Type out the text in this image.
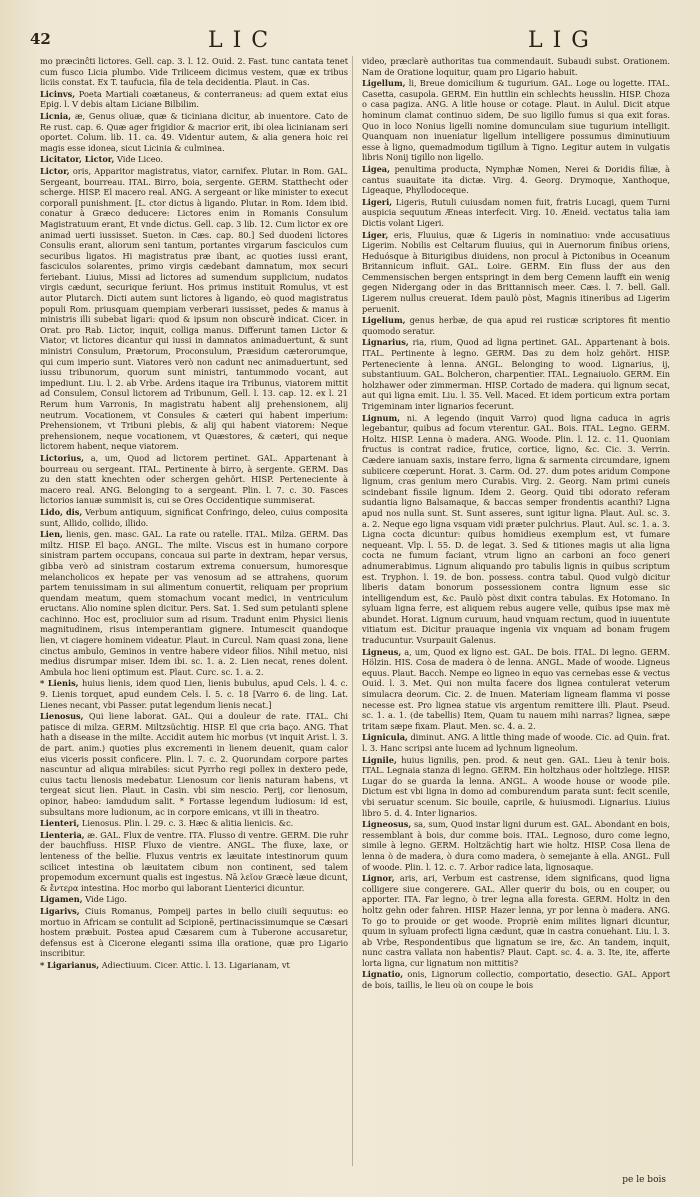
42	LIC	LIG

mo præcinĉti lictores. Gell. cap. 3. l. 12. Ouid. 2. Fast. tunc cantata tenet cum fusco Licia plumbo. Vide Triliceem dicimus vestem, quæ ex tribus liciis constat. Ex T. taufucia, fila de tela decidentia. Plaut. in Cas.

Licinvs, Poeta Martiali coætaneus, & conterraneus: ad quem extat eius Epig. l. V debis altam Liciane Bilbilim.

Licnia, æ, Genus oliuæ, quæ & ticiniana dicitur, ab inuentore. Cato de Re rust. cap. 6. Quæ ager frigidior & macrior erit, ibi olea licinianam seri oportet. Colum. lib. 11. ca. 49. Videntur autem, & alia genera hoic rei magis esse idonea, sicut Licinia & culminea.

Licitator, Lictor, Vide Liceo.

Lictor, oris, Apparitor magistratus, viator, carnifex. Plutar. in Rom. GAL. Sergeant, bourreau. ITAL. Birro, boia, sergente. GERM. Statthecht oder scherge. HISP. El macero real. ANG. A sergeant or like minister to execut corporall punishment. [L. ctor dictus à ligando. Plutar. in Rom. Idem ibid. conatur à Græco deducere: Lictores enim in Romanis Consulum Magistratuum erant, Et vnde dictus. Gell. cap. 3 lib. 12. Cum lictor ex ore animad uerti iussisset. Sueton. in Cæs. cap. 80.] Sed duodeni lictores Consulis erant, aliorum seni tantum, portantes virgarum fasciculos cum securibus ligatos. Hi magistratus præ ibant, ac quoties iussi erant, fasciculos solarentes, primo virgis cædebant damnatum, mox securi feriebant. Liuius, Missi ad lictores ad sumendum supplicium, nudatos virgis cædunt, securique feriunt. Hos primus instituit Romulus, vt est autor Plutarch. Dicti autem sunt lictores à ligando, eò quod magistratus populi Rom. priusquam quempiam verberari iussisset, pedes & manus à ministris illi subebat ligari: quod & ipsum non obscurè indicat. Cicer. in Orat. pro Rab. Lictor, inquit, colliga manus. Differunt tamen Lictor & Viator, vt lictores dicantur qui iussi in damnatos animaduertunt, & sunt ministri Consulum, Prætorum, Proconsulum, Præsidum cæterorumque, qui cum imperio sunt. Viatores verò non cadunt nec animaduertunt, sed iussu tribunorum, quorum sunt ministri, tantummodo vocant, aut impediunt. Liu. l. 2. ab Vrbe. Ardens itaque ira Tribunus, viatorem mittit ad Consulem, Consul lictorem ad Tribunum, Gell. l. 13. cap. 12. ex l. 21 Rerum hum Varronis, In magistratu habent alij prehensionem, alij neutrum. Vocationem, vt Consules & cæteri qui habent imperium: Prehensionem, vt Tribuni plebis, & alij qui habent viatorem: Neque prehensionem, neque vocationem, vt Quæstores, & cæteri, qui neque lictorem habent, neque viatorem.

Lictorius, a, um, Quod ad lictorem pertinet. GAL. Appartenant à bourreau ou sergeant. ITAL. Pertinente à birro, à sergente. GERM. Das zu den statt knechten oder schergen gehört. HISP. Perteneciente à macero real. ANG. Belonging to a sergeant. Plin. l. 7. c. 30. Fasces lictorios ianuæ summisit is, cui se Ores Occidentique summiserat.

Lido, dis, Verbum antiquum, significat Confringo, deleo, cuius composita sunt, Allido, collido, illido.

Lien, lienis, gen. masc. GAL. La rate ou ratelle. ITAL. Milza. GERM. Das miltz. HISP. El baço. ANGL. The milte. Viscus est in humano corpore sinistram partem occupans, concaua sui parte in dextram, hepar versus, gibba verò ad sinistram costarum extrema conuersum, humoresque melancholicos ex hepate per vas venosum ad se attrahens, quorum partem tenuissimam in sui alimentum conuertit, reliquam per proprium quendam meatum, quem stomachum vocant medici, in ventriculum eructans. Alio nomine splen dicitur. Pers. Sat. 1. Sed sum petulanti splene cachinno. Hoc est, procliuior sum ad risum. Tradunt enim Physici lienis magnitudinem, risus intemperantiam gignere. Intumescit quandoque lien, vt ciagere hominem videatur. Plaut. in Curcul. Nam quasi zona, liene cinctus ambulo, Geminos in ventre habere videor filios. Nihil metuo, nisi medius disrumpar miser. Idem ibi. sc. 1. a. 2. Lien necat, renes dolent. Ambula hoc lieni optimum est. Plaut. Curc. sc. 1. a. 2.

* Lienis, huius lienis, idem quod Lien, lienis bubulus, apud Cels. l. 4. c. 9. Lienis torquet, apud eundem Cels. l. 5. c. 18 [Varro 6. de ling. Lat. Lienes necant, vbi Passer. putat legendum lienis necat.]

Lienosus, Qui liene laborat. GAL. Qui a douleur de rate. ITAL. Chi patisce di milza. GERM. Miltzsüchtig. HISP. El que cria baço. ANG. That hath a disease in the milte. Accidit autem hic morbus (vt inquit Arist. l. 3. de part. anim.) quoties plus excrementi in lienem deuenit, quam calor eius viceris possit conficere. Plin. l. 7. c. 2. Quorundam corpore partes nascuntur ad aliqua mirabiles: sicut Pyrrho regi pollex in dextero pede, cuius tactu lienosis medebatur. Lienosum cor lienis naturam habens, vt tergeat sicut lien. Plaut. in Casin. vbi sim nescio. Perij, cor lienosum, opinor, habeo: iamdudum salit. * Fortasse legendum ludiosum: id est, subsultans more ludionum, ac in corpore emicans, vt illi in theatro.

Lienteri, Lienosus. Plin. l. 29. c. 3. Hæc & alitia lienicis. &c.

Lienteria, æ. GAL. Flux de ventre. ITA. Flusso di ventre. GERM. Die ruhr der bauchfluss. HISP. Fluxo de vientre. ANGL. The fluxe, laxe, or lenteness of the bellie. Fluxus ventris ex læuitate intestinorum quum scilicet intestina ob læuitatem cibum non continent, sed talem propemodum excernunt qualis est ingestus. Nā λεῖον Græcè læue dicunt, & ἔντερα intestina. Hoc morbo qui laborant Lienterici dicuntur.

Ligamen, Vide Ligo.

Ligarivs, Ciuis Romanus, Pompeij partes in bello ciuili sequutus: eo mortuo in Africam se contulit ad Scipionē, pertinacissimumque se Cæsari hostem præbuit. Postea apud Cæsarem cum à Tuberone accusaretur, defensus est à Cicerone eleganti ssima illa oratione, quæ pro Ligario inscribitur.

* Ligarianus, Adiectiuum. Cicer. Attic. l. 13. Ligarianam, vt

video, præclarè authoritas tua commendauit. Subaudi subst. Orationem. Nam de Oratione loquitur, quam pro Ligario habuit.

Ligellum, li, Breue domicilium & tugurium. GAL. Loge ou logette. ITAL. Casetta, casupola. GERM. Ein huttlin ein schlechts heusslin. HISP. Choza o casa pagiza. ANG. A litle house or cotage. Plaut. in Aulul. Dicit atque hominum clamat continuo sidem, De suo ligillo fumus si qua exit foras. Quo in loco Nonius ligelli nomine domunculam siue tugurium intelligit. Quanquam non inueniatur ligellum intelligere possumus diminutiuum esse à ligno, quemadmodum tigillum à Tigno. Legitur autem in vulgatis libris Nonij tigillo non ligello.

Ligea, penultima producta, Nymphæ Nomen, Nerei & Doridis filiæ, à cantus suauitate ita dictæ. Virg. 4. Georg. Drymoque, Xanthoque, Ligeaque, Phyllodoceque.

Ligeri, Ligeris, Rutuli cuiusdam nomen fuit, fratris Lucagi, quem Turni auspicia sequutum Æneas interfecit. Virg. 10. Æneid. vectatus talia iam Dictis volant Ligeri.

Liger, eris, Fluuius, quæ & Ligeris in nominatiuo: vnde accusatiuus Ligerim. Nobilis est Celtarum fluuius, qui in Auernorum finibus oriens, Heduósque à Biturigibus diuidens, non procul à Pictonibus in Oceanum Britannicum influit. GAL. Loire. GERM. Ein fluss der aus den Cemmensischen bergen entspringt in dem berg Cemenn laufft ein wenig gegen Nidergang oder in das Brittannisch meer. Cæs. l. 7. bell. Gall. Ligerem nullus creuerat. Idem paulò pòst, Magnis itineribus ad Ligerim peruenit.

Ligelium, genus herbæ, de qua apud rei rusticæ scriptores fit mentio quomodo seratur.

Lignarius, ria, rium, Quod ad ligna pertinet. GAL. Appartenant à bois. ITAL. Pertinente à legno. GERM. Das zu dem holz gehört. HISP. Perteneciente à lenna. ANGL. Belonging to wood. Lignarius, ij, substantiuum. GAL. Bolcheron, charpentier. ITAL. Legnaiuolo. GERM. Ein holzhawer oder zimmerman. HISP. Cortado de madera. qui lignum secat, aut qui ligna emit. Liu. l. 35. Vell. Maced. Et idem porticum extra portam Trigeminam inter lignarios fecerunt.

Lignum, ni. A legendo (inquit Varro) quod ligna caduca in agris legebantur, quibus ad focum vterentur. GAL. Bois. ITAL. Legno. GERM. Holtz. HISP. Lenna ò madera. ANG. Woode. Plin. l. 12. c. 11. Quoniam fructus is contrat radice, frutice, cortice, ligno, &c. Cic. 3. Verrin. Cædere ianuam saxis, instare ferro, ligna & sarmenta circumdare, ignem subiicere cœperunt. Horat. 3. Carm. Od. 27. dum potes aridum Compone lignum, cras genium mero Curabis. Virg. 2. Georg. Nam primi cuneis scindebant fissile lignum. Idem 2. Georg. Quid tibi odorato referam sudantia ligno Balsamaque, & baccas semper frondentis acanthi? Ligna apud nos nulla sunt. St. Sunt asseres, sunt igitur ligna. Plaut. Aul. sc. 3. a. 2. Neque ego ligna vsquam vidi præter pulchrius. Plaut. Aul. sc. 1. a. 3. Ligna cocta dicuntur: quibus homidieus exemplum est, vt fumare nequeant. Vlp. l. 55. D. de legat. 3. Sed & titiones magis ut alia ligna cocta ne fumum faciant, vtrum ligno an carboni an foco generi adnumerabimus. Lignum aliquando pro tabulis lignis in quibus scriptum est. Tryphon. l. 19. de bon. possess. contra tabul. Quod vulgò dicitur liberis datam bonorum possessionem contra lignum esse sic intelligendum est, &c. Paulò pòst dixit contra tabulas. Ex Hotomano. In syluam ligna ferre, est aliquem rebus augere velle, quibus ipse max mè abundet. Horat. Lignum curuum, haud vnquam rectum, quod in iuuentute vitiatum est. Dicitur prauaque ingenia vix vnquam ad bonam frugem traducuntur. Vsurpauit Galenus.

Ligneus, a, um, Quod ex ligno est. GAL. De bois. ITAL. Di legno. GERM. Hölzin. HIS. Cosa de madera ò de lenna. ANGL. Made of woode. Ligneus equus. Plaut. Bacch. Nempe eo ligneo in equo vas cernebas esse & vectus Ouid. l. 3. Met. Qui non multa facere dos lignea contulerat veterum simulacra deorum. Cic. 2. de Inuen. Materiam ligneam flamma vi posse necesse est. Pro lignea statue vis argentum remittere illi. Plaut. Pseud. sc. 1. a. 1. (de tabellis) Item, Quam tu nauem mihi narras? lignea, sæpe tritam sæpe fixam. Plaut. Men. sc. 4. a. 2.

Lignicula, diminut. ANG. A little thing made of woode. Cic. ad Quin. frat. l. 3. Hanc scripsi ante lucem ad lychnum ligneolum.

Lignile, huius lignilis, pen. prod. & neut gen. GAL. Lieu à tenir bois. ITAL. Legnaia stanza di legno. GERM. Ein holtzhaus oder holtzlege. HISP. Lugar do se guarda la lenna. ANGL. A woode house or woode pile. Dictum est vbi ligna in domo ad comburendum parata sunt: fecit scenile, vbi seruatur scenum. Sic bouile, caprile, & huiusmodi. Lignarius. Liuius libro 5. d. 4. Inter lignarios.

Ligneosus, sa, sum, Quod instar ligni durum est. GAL. Abondant en bois, ressemblant à bois, dur comme bois. ITAL. Legnoso, duro come legno, simile à legno. GERM. Holtzächtig hart wie holtz. HISP. Cosa llena de lenna ò de madera, ò dura como madera, ò semejante à ella. ANGL. Full of woode. Plin. l. 12. c. 7. Arbor radice lata, lignosaque.

Lignor, aris, ari, Verbum est castrense, idem significans, quod ligna colligere siue congerere. GAL. Aller querir du bois, ou en couper, ou apporter. ITA. Far legno, ò trer legna alla foresta. GERM. Holtz in den holtz gehn oder fahren. HISP. Hazer lenna, yr por lenna ò madera. ANG. To go to prouide or get woode. Propriè enim milites lignari dicuntur, quum in syluam profecti ligna cædunt, quæ in castra conuehant. Liu. l. 3. ab Vrbe, Respondentibus que lignatum se ire, &c. An tandem, inquit, nunc castra vallata non habentis? Plaut. Capt. sc. 4. a. 3. Ite, ite, afferte lorta ligna, cur lignatum non mittitis?

Lignatio, onis, Lignorum collectio, comportatio, desectio. GAL. Apport de bois, taillis, le lieu où on coupe le bois

pe le bois
